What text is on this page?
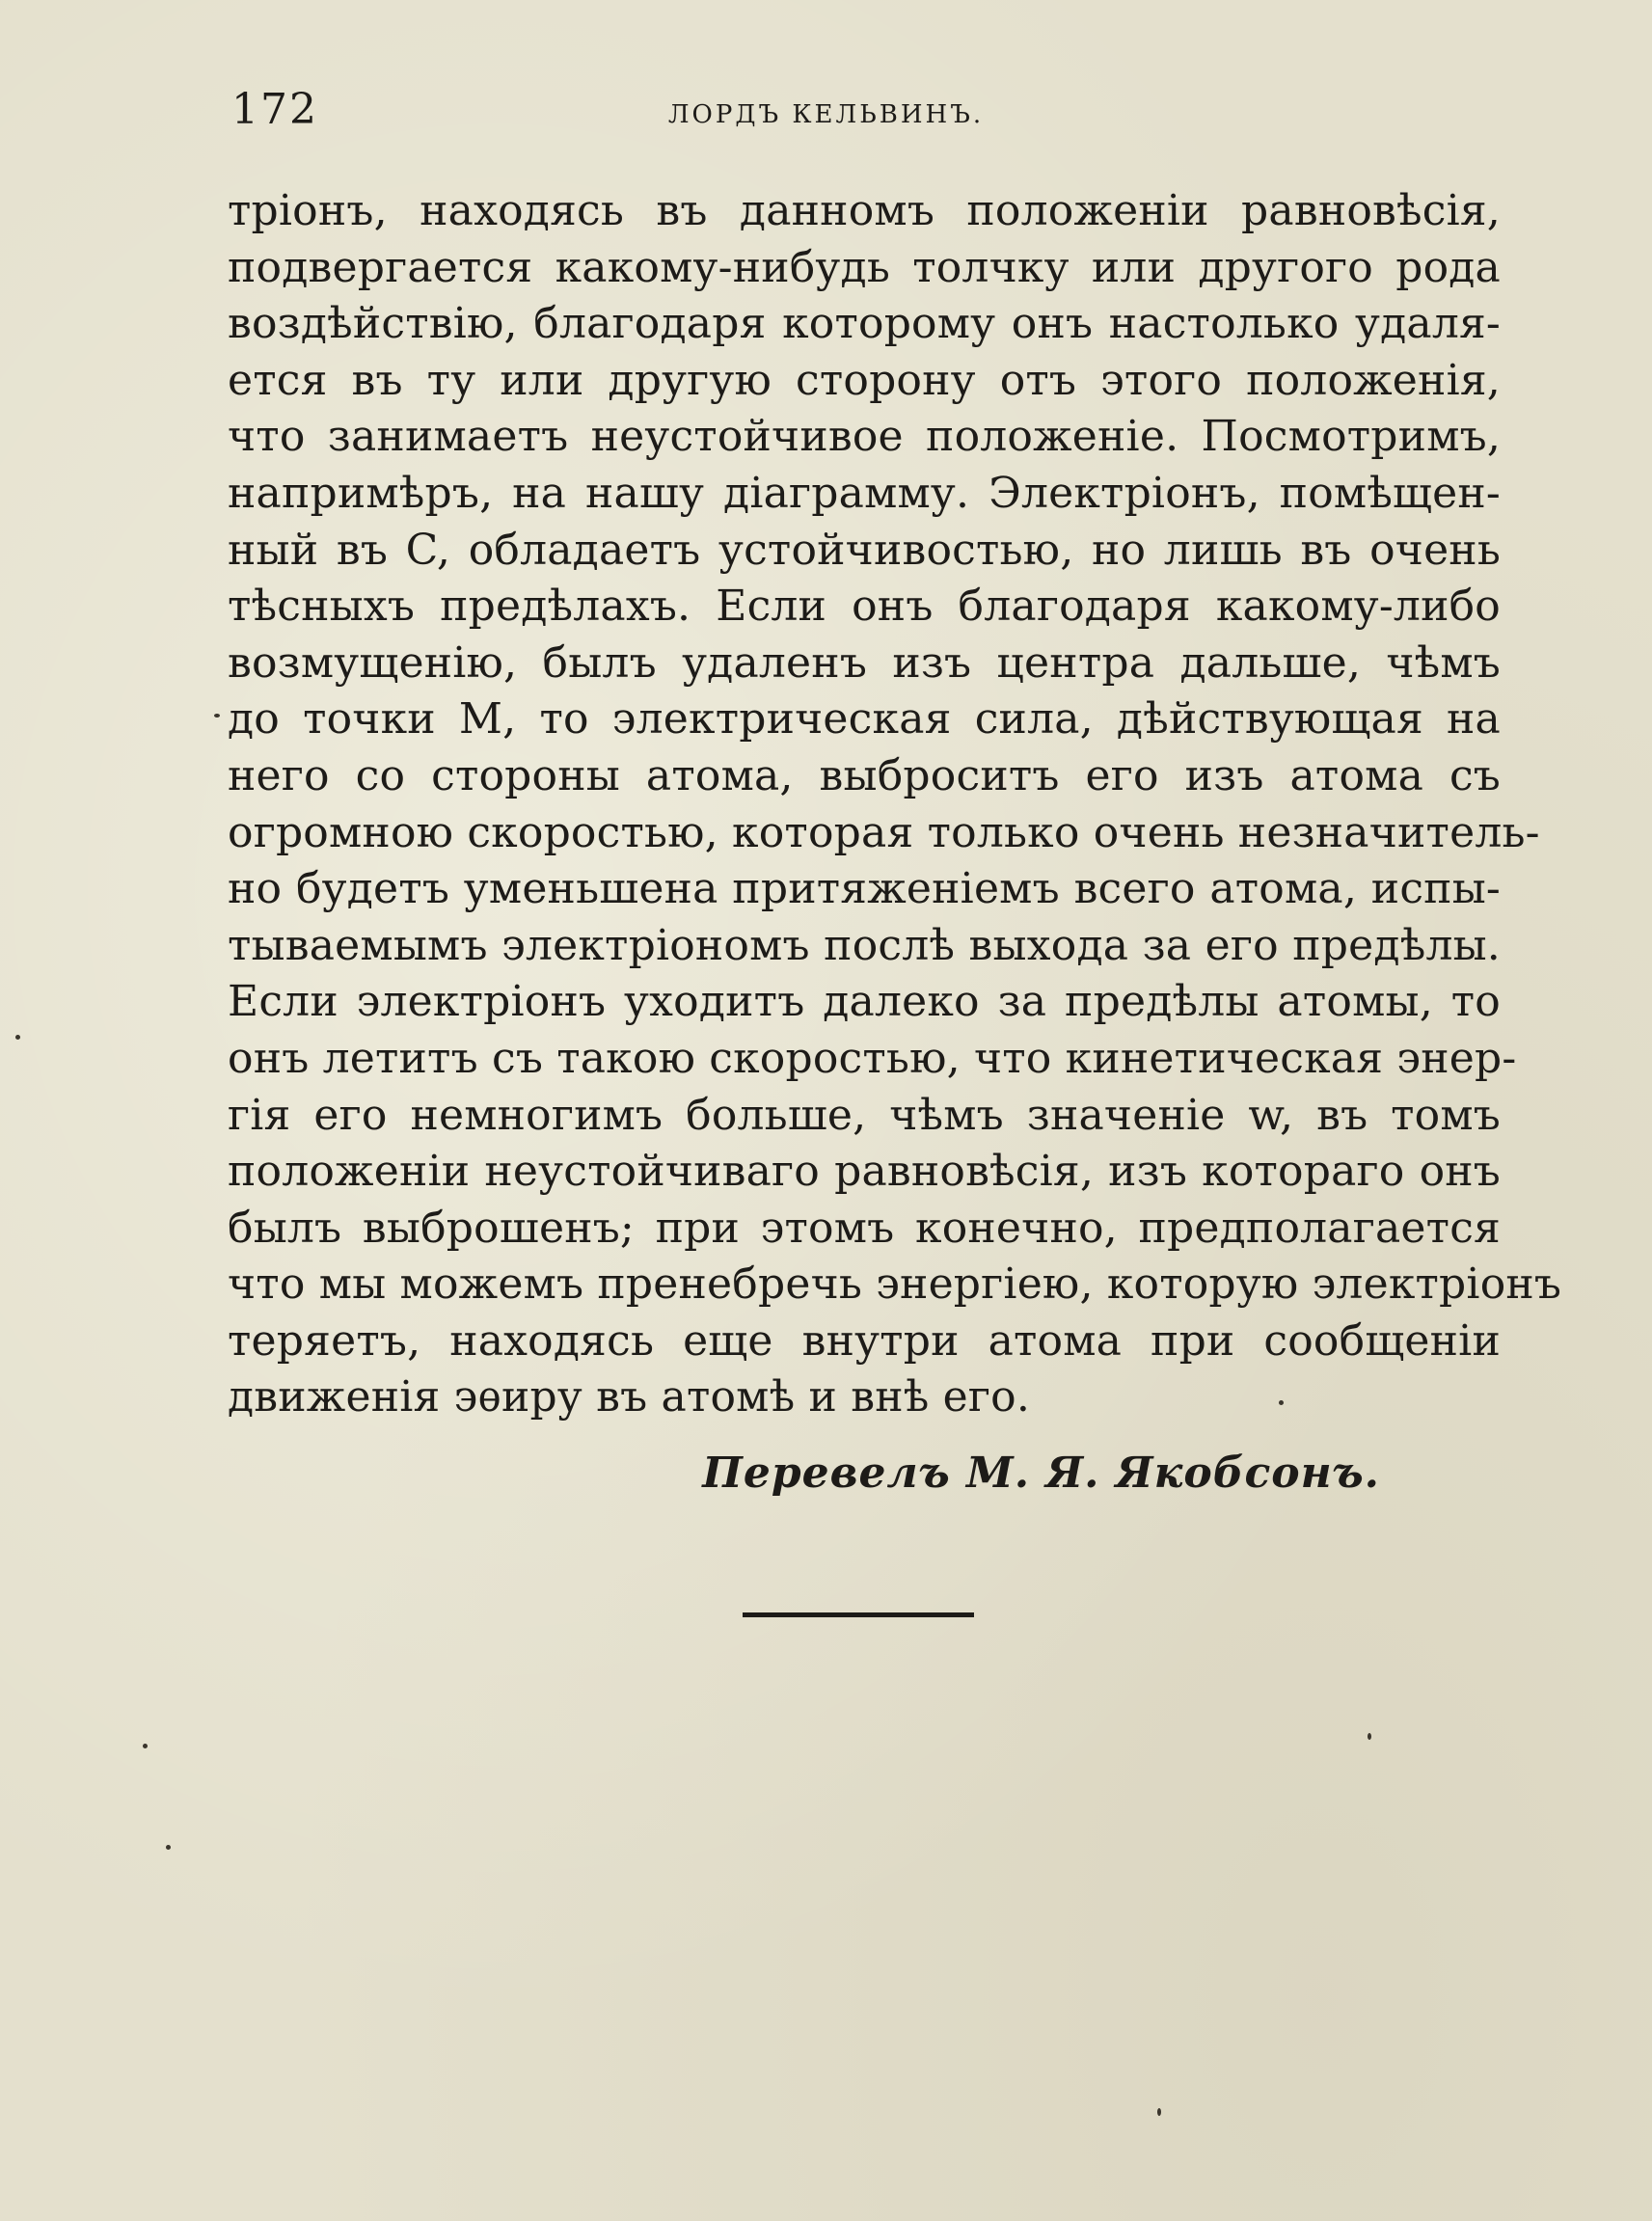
172	ЛОРДЪ КЕЛЬВИНЪ.
тріонъ, находясь въ данномъ положеніи равновѣсія,
подвергается какому-нибудь толчку или другого рода
воздѣйствію, благодаря которому онъ настолько удаля-
ется въ ту или другую сторону отъ этого положенія,
что занимаетъ неустойчивое положеніе. Посмотримъ,
напримѣръ, на нашу діаграмму. Электріонъ, помѣщен-
ный въ C, обладаетъ устойчивостью, но лишь въ очень
тѣсныхъ предѣлахъ. Если онъ благодаря какому-либо
возмущенію, былъ удаленъ изъ центра дальше, чѣмъ
до точки M, то электрическая сила, дѣйствующая на
него со стороны атома, выброситъ его изъ атома съ
огромною скоростью, которая только очень незначитель-
но будетъ уменьшена притяженіемъ всего атома, испы-
тываемымъ электріономъ послѣ выхода за его предѣлы.
Если электріонъ уходитъ далеко за предѣлы атомы, то
онъ летитъ съ такою скоростью, что кинетическая энер-
гія его немногимъ больше, чѣмъ значеніе w, въ томъ
положеніи неустойчиваго равновѣсія, изъ котораго онъ
былъ выброшенъ; при этомъ конечно, предполагается
что мы можемъ пренебречь энергіею, которую электріонъ
теряетъ, находясь еще внутри атома при сообщеніи
движенія эѳиру въ атомѣ и внѣ его.
Перевелъ М. Я. Якобсонъ.
